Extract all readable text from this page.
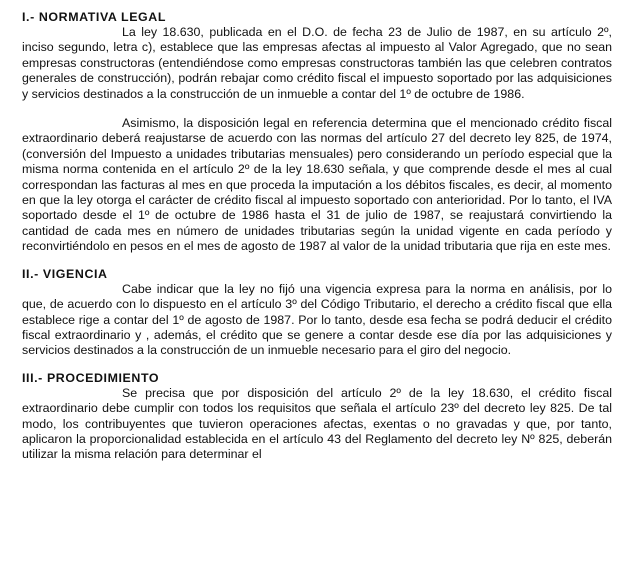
I.- NORMATIVA LEGAL

La ley 18.630, publicada en el D.O. de fecha 23 de Julio de 1987, en su artículo 2º, inciso segundo, letra c), establece que las empresas afectas al impuesto al Valor Agregado, que no sean empresas constructoras (entendiéndose como empresas constructoras también las que celebren contratos generales de construcción), podrán rebajar como crédito fiscal el impuesto soportado por las adquisiciones y servicios destinados a la construcción de un inmueble a contar del 1º de octubre de 1986.

Asimismo, la disposición legal en referencia determina que el mencionado crédito fiscal extraordinario deberá reajustarse de acuerdo con las normas del artículo 27 del decreto ley 825, de 1974, (conversión del Impuesto a unidades tributarias mensuales) pero considerando un período especial que la misma norma contenida en el artículo 2º de la ley 18.630 señala, y que comprende desde el mes al cual correspondan las facturas al mes en que proceda la imputación a los débitos fiscales, es decir, al momento en que la ley otorga el carácter de crédito fiscal al impuesto soportado con anterioridad. Por lo tanto, el IVA soportado desde el 1º de octubre de 1986 hasta el 31 de julio de 1987, se reajustará convirtiendo la cantidad de cada mes en número de unidades tributarias según la unidad vigente en cada período y reconvirtiéndolo en pesos en el mes de agosto de 1987 al valor de la unidad tributaria que rija en este mes.

II.- VIGENCIA

Cabe indicar que la ley no fijó una vigencia expresa para la norma en análisis, por lo que, de acuerdo con lo dispuesto en el artículo 3º del Código Tributario, el derecho a crédito fiscal que ella establece rige a contar del 1º de agosto de 1987. Por lo tanto, desde esa fecha se podrá deducir el crédito fiscal extraordinario y , además, el crédito que se genere a contar desde ese día por las adquisiciones y servicios destinados a la construcción de un inmueble necesario para el giro del negocio.

III.- PROCEDIMIENTO

Se precisa que por disposición del artículo 2º de la ley 18.630, el crédito fiscal extraordinario debe cumplir con todos los requisitos que señala el artículo 23º del decreto ley 825. De tal modo, los contribuyentes que tuvieron operaciones afectas, exentas o no gravadas y que, por tanto, aplicaron la proporcionalidad establecida en el artículo 43 del Reglamento del decreto ley Nº 825, deberán utilizar la misma relación para determinar el
